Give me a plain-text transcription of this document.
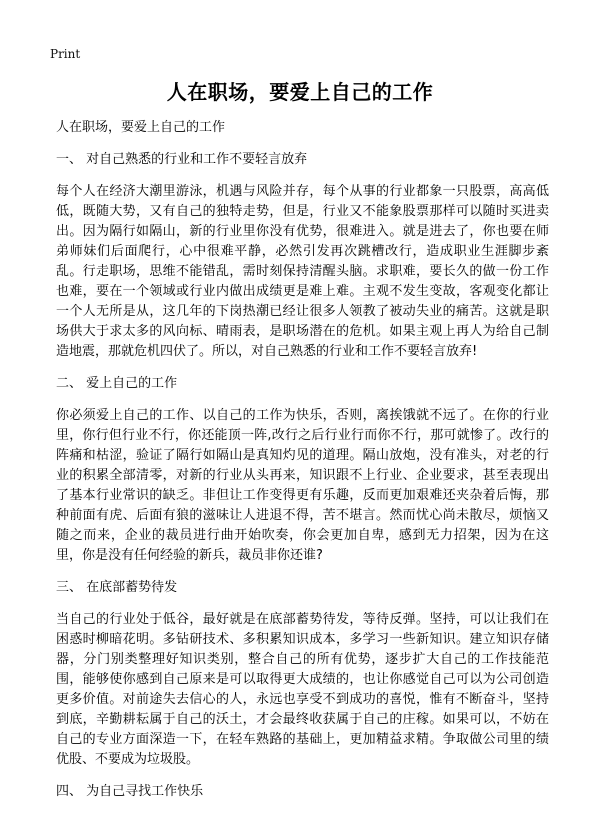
Print
人在职场，要爱上自己的工作
人在职场，要爱上自己的工作
一、 对自己熟悉的行业和工作不要轻言放弃
每个人在经济大潮里游泳，机遇与风险并存，每个从事的行业都象一只股票，高高低低，既随大势，又有自己的独特走势，但是，行业又不能象股票那样可以随时买进卖出。因为隔行如隔山，新的行业里你没有优势，很难进入。就是进去了，你也要在师弟师妹们后面爬行，心中很难平静，必然引发再次跳槽改行，造成职业生涯脚步紊乱。行走职场，思维不能错乱，需时刻保持清醒头脑。求职难，要长久的做一份工作也难，要在一个领域或行业内做出成绩更是难上难。主观不发生变故，客观变化都让一个人无所是从，这几年的下岗热潮已经让很多人领教了被动失业的痛苦。这就是职场供大于求太多的风向标、晴雨表，是职场潜在的危机。如果主观上再人为给自己制造地震，那就危机四伏了。所以，对自己熟悉的行业和工作不要轻言放弃!
二、 爱上自己的工作
你必须爱上自己的工作、以自己的工作为快乐，否则，离挨饿就不远了。在你的行业里，你行但行业不行，你还能顶一阵,改行之后行业行而你不行，那可就惨了。改行的阵痛和枯涩，验证了隔行如隔山是真知灼见的道理。隔山放炮，没有准头，对老的行业的积累全部清零，对新的行业从头再来，知识跟不上行业、企业要求，甚至表现出了基本行业常识的缺乏。非但让工作变得更有乐趣，反而更加艰难还夹杂着后悔，那种前面有虎、后面有狼的滋味让人进退不得，苦不堪言。然而忧心尚未散尽，烦恼又随之而来，企业的裁员进行曲开始吹奏，你会更加自卑，感到无力招架，因为在这里，你是没有任何经验的新兵，裁员非你还谁?
三、 在底部蓄势待发
当自己的行业处于低谷，最好就是在底部蓄势待发，等待反弹。坚持，可以让我们在困惑时柳暗花明。多钻研技术、多积累知识成本，多学习一些新知识。建立知识存储器，分门别类整理好知识类别，整合自己的所有优势，逐步扩大自己的工作技能范围，能够使你感到自己原来是可以取得更大成绩的，也让你感觉自己可以为公司创造更多价值。对前途失去信心的人，永远也享受不到成功的喜悦，惟有不断奋斗，坚持到底，辛勤耕耘属于自己的沃土，才会最终收获属于自己的庄稼。如果可以，不妨在自己的专业方面深造一下，在轻车熟路的基础上，更加精益求精。争取做公司里的绩优股、不要成为垃圾股。
四、 为自己寻找工作快乐
